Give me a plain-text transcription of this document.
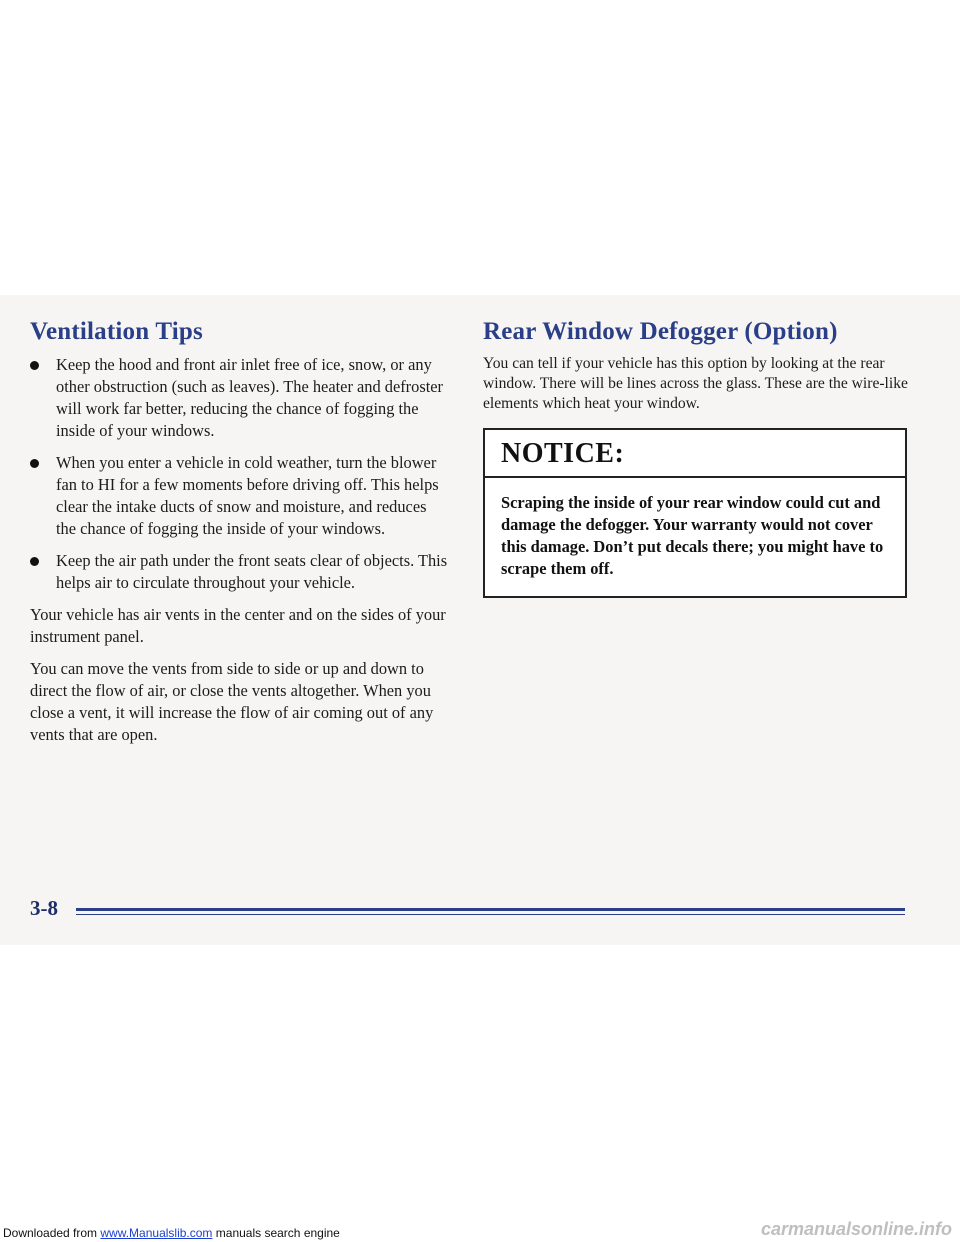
Ventilation Tips
Keep the hood and front air inlet free of ice, snow, or any other obstruction (such as leaves). The heater and defroster will work far better, reducing the chance of fogging the inside of your windows.
When you enter a vehicle in cold weather, turn the blower fan to HI for a few moments before driving off. This helps clear the intake ducts of snow and moisture, and reduces the chance of fogging the inside of your windows.
Keep the air path under the front seats clear of objects. This helps air to circulate throughout your vehicle.

Your vehicle has air vents in the center and on the sides of your instrument panel.

You can move the vents from side to side or up and down to direct the flow of air, or close the vents altogether. When you close a vent, it will increase the flow of air coming out of any vents that are open.

Rear Window Defogger (Option)

You can tell if your vehicle has this option by looking at the rear window. There will be lines across the glass. These are the wire-like elements which heat your window.

NOTICE:
Scraping the inside of your rear window could cut and damage the defogger. Your warranty would not cover this damage. Don’t put decals there; you might have to scrape them off.
3-8
Downloaded from www.Manualslib.com manuals search engine	carmanualsonline.info
